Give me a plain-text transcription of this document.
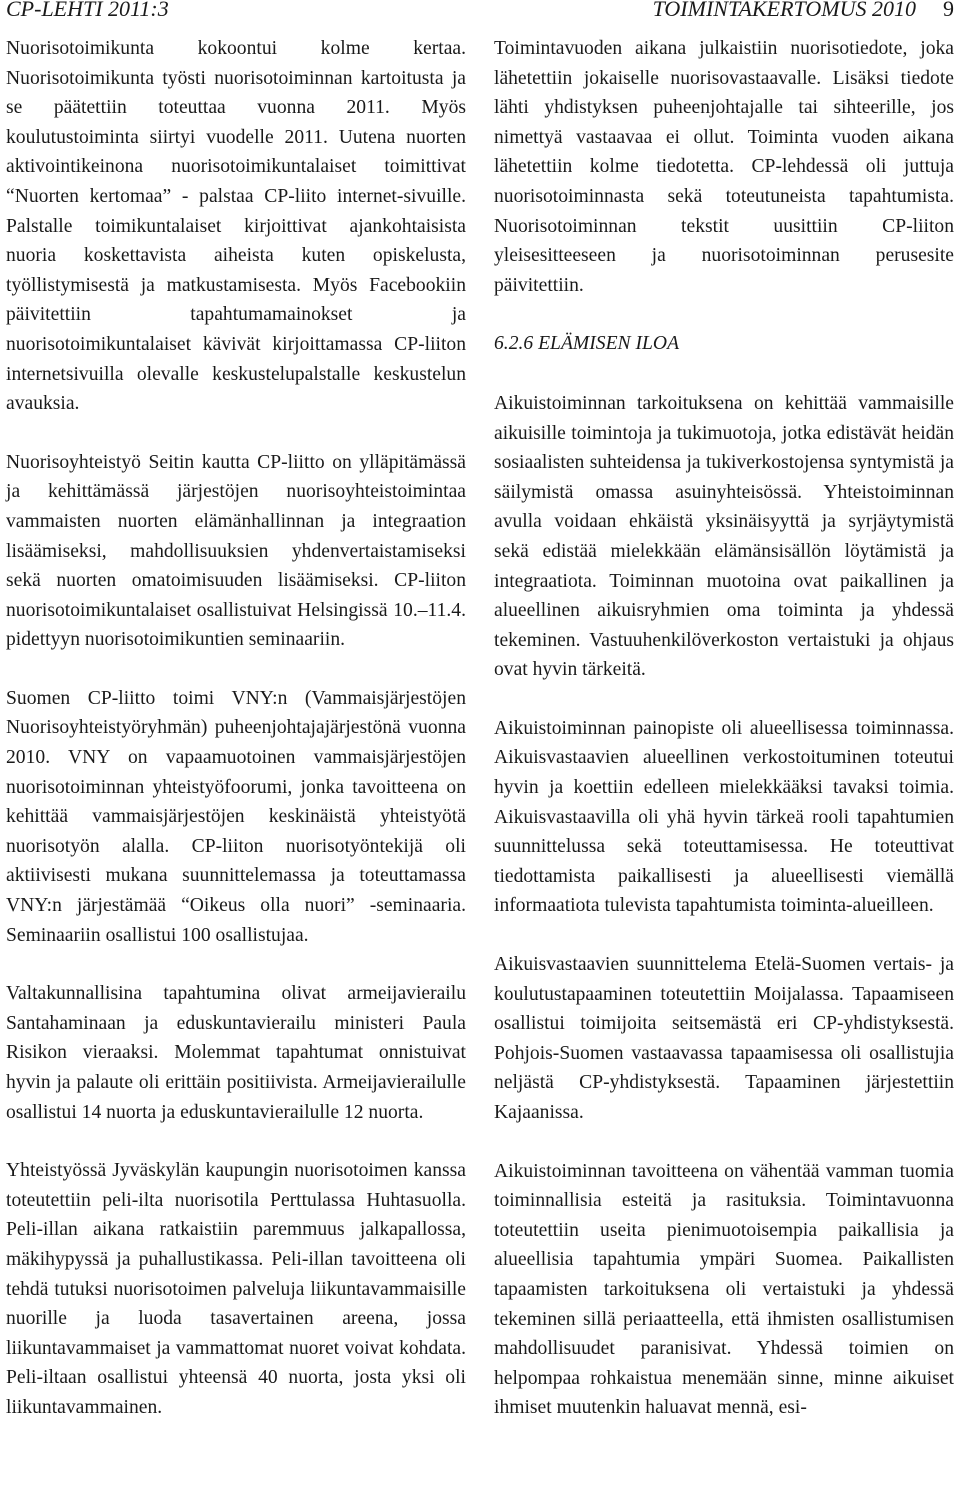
CP-LEHTI 2011:3	TOIMINTAKERTOMUS 2010 9

Nuorisotoimikunta kokoontui kolme kertaa. Nuorisotoimikunta työsti nuorisotoiminnan kartoitusta ja se päätettiin toteuttaa vuonna 2011. Myös koulutustoiminta siirtyi vuodelle 2011. Uutena nuorten aktivointikeinona nuorisotoimikuntalaiset toimittivat “Nuorten kertomaa” - palstaa CP-liito internet-sivuille. Palstalle toimikuntalaiset kirjoittivat ajankohtaisista nuoria koskettavista aiheista kuten opiskelusta, työllistymisestä ja matkustamisesta. Myös Facebookiin päivitettiin tapahtumamainokset ja nuorisotoimikuntalaiset kävivät kirjoittamassa CP-liiton internetsivuilla olevalle keskustelupalstalle keskustelun avauksia.

Nuorisoyhteistyö Seitin kautta CP-liitto on ylläpitämässä ja kehittämässä järjestöjen nuorisoyhteistoimintaa vammaisten nuorten elämänhallinnan ja integraation lisäämiseksi, mahdollisuuksien yhdenvertaistamiseksi sekä nuorten omatoimisuuden lisäämiseksi. CP-liiton nuorisotoimikuntalaiset osallistuivat Helsingissä 10.–11.4. pidettyyn nuorisotoimikuntien seminaariin.

Suomen CP-liitto toimi VNY:n (Vammaisjärjestöjen Nuorisoyhteistyöryhmän) puheenjohtajajärjestönä vuonna 2010. VNY on vapaamuotoinen vammaisjärjestöjen nuorisotoiminnan yhteistyöfoorumi, jonka tavoitteena on kehittää vammaisjärjestöjen keskinäistä yhteistyötä nuorisotyön alalla. CP-liiton nuorisotyöntekijä oli aktiivisesti mukana suunnittelemassa ja toteuttamassa VNY:n järjestämää “Oikeus olla nuori” -seminaaria. Seminaariin osallistui 100 osallistujaa.

Valtakunnallisina tapahtumina olivat armeijavierailu Santahaminaan ja eduskuntavierailu ministeri Paula Risikon vieraaksi. Molemmat tapahtumat onnistuivat hyvin ja palaute oli erittäin positiivista. Armeijavierailulle osallistui 14 nuorta ja eduskuntavierailulle 12 nuorta.

Yhteistyössä Jyväskylän kaupungin nuorisotoimen kanssa toteutettiin peli-ilta nuorisotila Perttulassa Huhtasuolla. Peli-illan aikana ratkaistiin paremmuus jalkapallossa, mäkihypyssä ja puhallustikassa. Peli-illan tavoitteena oli tehdä tutuksi nuorisotoimen palveluja liikuntavammaisille nuorille ja luoda tasavertainen areena, jossa liikuntavammaiset ja vammattomat nuoret voivat kohdata. Peli-iltaan osallistui yhteensä 40 nuorta, josta yksi oli liikuntavammainen.

Toimintavuoden aikana julkaistiin nuorisotiedote, joka lähetettiin jokaiselle nuorisovastaavalle. Lisäksi tiedote lähti yhdistyksen puheenjohtajalle tai sihteerille, jos nimettyä vastaavaa ei ollut. Toiminta vuoden aikana lähetettiin kolme tiedotetta. CP-lehdessä oli juttuja nuorisotoiminnasta sekä toteutuneista tapahtumista. Nuorisotoiminnan tekstit uusittiin CP-liiton yleisesitteeseen ja nuorisotoiminnan perusesite päivitettiin.

6.2.6 ELÄMISEN ILOA

Aikuistoiminnan tarkoituksena on kehittää vammaisille aikuisille toimintoja ja tukimuotoja, jotka edistävät heidän sosiaalisten suhteidensa ja tukiverkostojensa syntymistä ja säilymistä omassa asuinyhteisössä. Yhteistoiminnan avulla voidaan ehkäistä yksinäisyyttä ja syrjäytymistä sekä edistää mielekkään elämänsisällön löytämistä ja integraatiota. Toiminnan muotoina ovat paikallinen ja alueellinen aikuisryhmien oma toiminta ja yhdessä tekeminen. Vastuuhenkilöverkoston vertaistuki ja ohjaus ovat hyvin tärkeitä.

Aikuistoiminnan painopiste oli alueellisessa toiminnassa. Aikuisvastaavien alueellinen verkostoituminen toteutui hyvin ja koettiin edelleen mielekkääksi tavaksi toimia. Aikuisvastaavilla oli yhä hyvin tärkeä rooli tapahtumien suunnittelussa sekä toteuttamisessa. He toteuttivat tiedottamista paikallisesti ja alueellisesti viemällä informaatiota tulevista tapahtumista toiminta-alueilleen.

Aikuisvastaavien suunnittelema Etelä-Suomen vertais- ja koulutustapaaminen toteutettiin Moijalassa. Tapaamiseen osallistui toimijoita seitsemästä eri CP-yhdistyksestä. Pohjois-Suomen vastaavassa tapaamisessa oli osallistujia neljästä CP-yhdistyksestä. Tapaaminen järjestettiin Kajaanissa.

Aikuistoiminnan tavoitteena on vähentää vamman tuomia toiminnallisia esteitä ja rasituksia. Toimintavuonna toteutettiin useita pienimuotoisempia paikallisia ja alueellisia tapahtumia ympäri Suomea. Paikallisten tapaamisten tarkoituksena oli vertaistuki ja yhdessä tekeminen sillä periaatteella, että ihmisten osallistumisen mahdollisuudet paranisivat. Yhdessä toimien on helpompaa rohkaistua menemään sinne, minne aikuiset ihmiset muutenkin haluavat mennä, esi-
